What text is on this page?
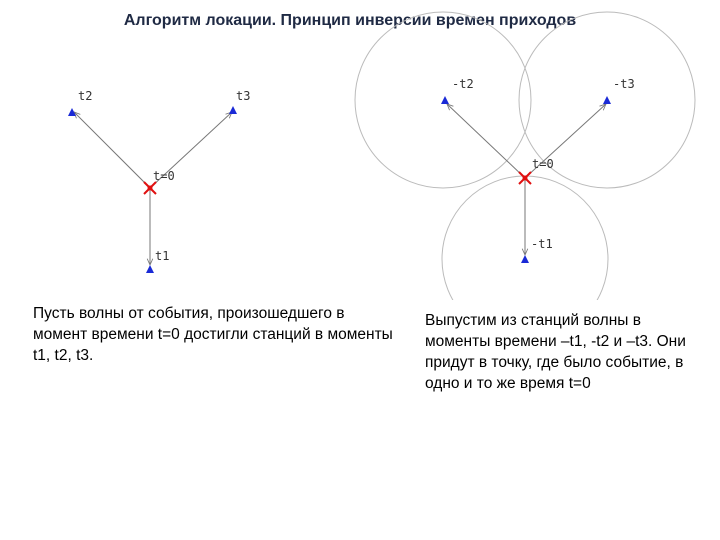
Алгоритм локации. Принцип инверсии времен приходов
t2	t3
t=0
t1
-t2	-t3
t=0
-t1
Пусть волны от события, произошедшего в момент времени t=0 достигли станций в моменты t1, t2, t3.
Выпустим из станций волны в моменты времени –t1, -t2 и –t3. Они придут в точку, где было событие, в одно и то же время t=0
